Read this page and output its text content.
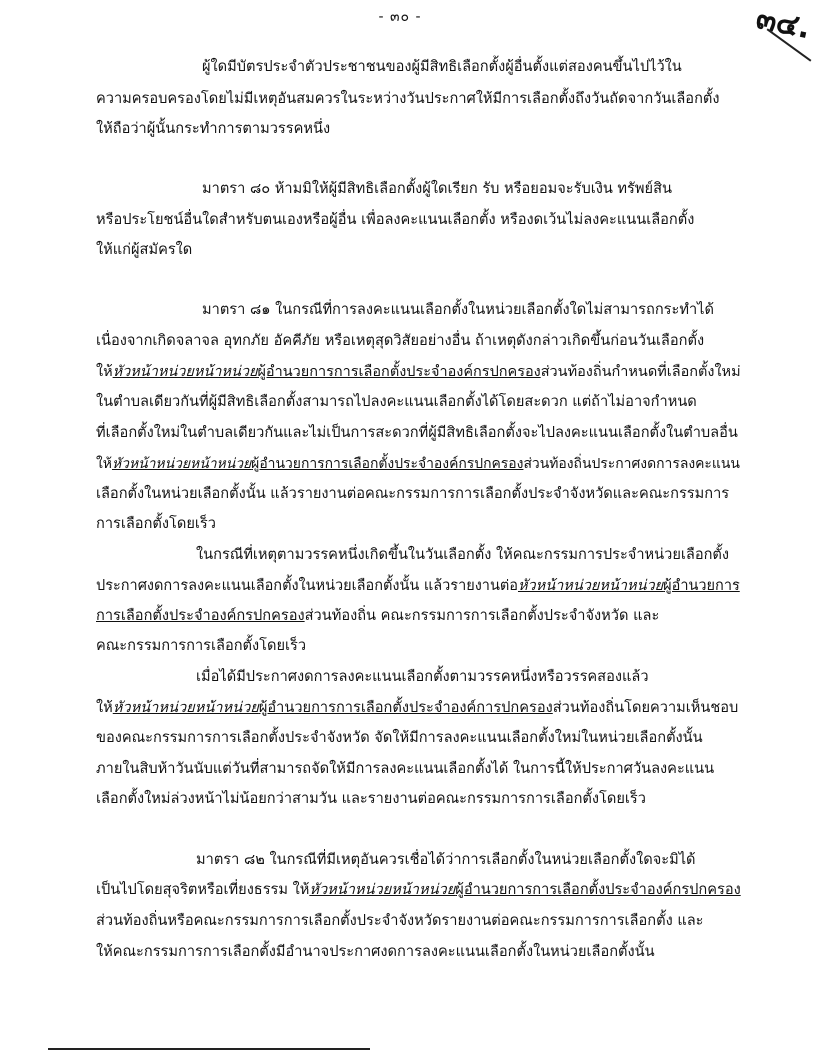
- ๓๐ -	๓๔.
ผู้ใดมีบัตรประจำตัวประชาชนของผู้มีสิทธิเลือกตั้งผู้อื่นตั้งแต่สองคนขึ้นไปไว้ใน
ความครอบครองโดยไม่มีเหตุอันสมควรในระหว่างวันประกาศให้มีการเลือกตั้งถึงวันถัดจากวันเลือกตั้ง
ให้ถือว่าผู้นั้นกระทำการตามวรรคหนึ่ง
มาตรา ๘๐ ห้ามมิให้ผู้มีสิทธิเลือกตั้งผู้ใดเรียก รับ หรือยอมจะรับเงิน ทรัพย์สิน
หรือประโยชน์อื่นใดสำหรับตนเองหรือผู้อื่น เพื่อลงคะแนนเลือกตั้ง หรืองดเว้นไม่ลงคะแนนเลือกตั้ง
ให้แก่ผู้สมัครใด
มาตรา ๘๑ ในกรณีที่การลงคะแนนเลือกตั้งในหน่วยเลือกตั้งใดไม่สามารถกระทำได้
เนื่องจากเกิดจลาจล อุทกภัย อัคคีภัย หรือเหตุสุดวิสัยอย่างอื่น ถ้าเหตุดังกล่าวเกิดขึ้นก่อนวันเลือกตั้ง
ให้หัวหน้าหน่วยหน้าหน่วยผู้อำนวยการการเลือกตั้งประจำองค์กรปกครองส่วนท้องถิ่นกำหนดที่เลือกตั้งใหม่
ในตำบลเดียวกันที่ผู้มีสิทธิเลือกตั้งสามารถไปลงคะแนนเลือกตั้งได้โดยสะดวก แต่ถ้าไม่อาจกำหนด
ที่เลือกตั้งใหม่ในตำบลเดียวกันและไม่เป็นการสะดวกที่ผู้มีสิทธิเลือกตั้งจะไปลงคะแนนเลือกตั้งในตำบลอื่น
ให้หัวหน้าหน่วยหน้าหน่วยผู้อำนวยการการเลือกตั้งประจำองค์กรปกครองส่วนท้องถิ่นประกาศงดการลงคะแนน
เลือกตั้งในหน่วยเลือกตั้งนั้น แล้วรายงานต่อคณะกรรมการการเลือกตั้งประจำจังหวัดและคณะกรรมการ
การเลือกตั้งโดยเร็ว
ในกรณีที่เหตุตามวรรคหนึ่งเกิดขึ้นในวันเลือกตั้ง ให้คณะกรรมการประจำหน่วยเลือกตั้ง
ประกาศงดการลงคะแนนเลือกตั้งในหน่วยเลือกตั้งนั้น แล้วรายงานต่อหัวหน้าหน่วยหน้าหน่วยผู้อำนวยการ
การเลือกตั้งประจำองค์กรปกครองส่วนท้องถิ่น คณะกรรมการการเลือกตั้งประจำจังหวัด และ
คณะกรรมการการเลือกตั้งโดยเร็ว
เมื่อได้มีประกาศงดการลงคะแนนเลือกตั้งตามวรรคหนึ่งหรือวรรคสองแล้ว
ให้หัวหน้าหน่วยหน้าหน่วยผู้อำนวยการการเลือกตั้งประจำองค์การปกครองส่วนท้องถิ่นโดยความเห็นชอบ
ของคณะกรรมการการเลือกตั้งประจำจังหวัด จัดให้มีการลงคะแนนเลือกตั้งใหม่ในหน่วยเลือกตั้งนั้น
ภายในสิบห้าวันนับแต่วันที่สามารถจัดให้มีการลงคะแนนเลือกตั้งได้ ในการนี้ให้ประกาศวันลงคะแนน
เลือกตั้งใหม่ล่วงหน้าไม่น้อยกว่าสามวัน และรายงานต่อคณะกรรมการการเลือกตั้งโดยเร็ว
มาตรา ๘๒ ในกรณีที่มีเหตุอันควรเชื่อได้ว่าการเลือกตั้งในหน่วยเลือกตั้งใดจะมิได้
เป็นไปโดยสุจริตหรือเที่ยงธรรม ให้หัวหน้าหน่วยหน้าหน่วยผู้อำนวยการการเลือกตั้งประจำองค์กรปกครอง
ส่วนท้องถิ่นหรือคณะกรรมการการเลือกตั้งประจำจังหวัดรายงานต่อคณะกรรมการการเลือกตั้ง และ
ให้คณะกรรมการการเลือกตั้งมีอำนาจประกาศงดการลงคะแนนเลือกตั้งในหน่วยเลือกตั้งนั้น
